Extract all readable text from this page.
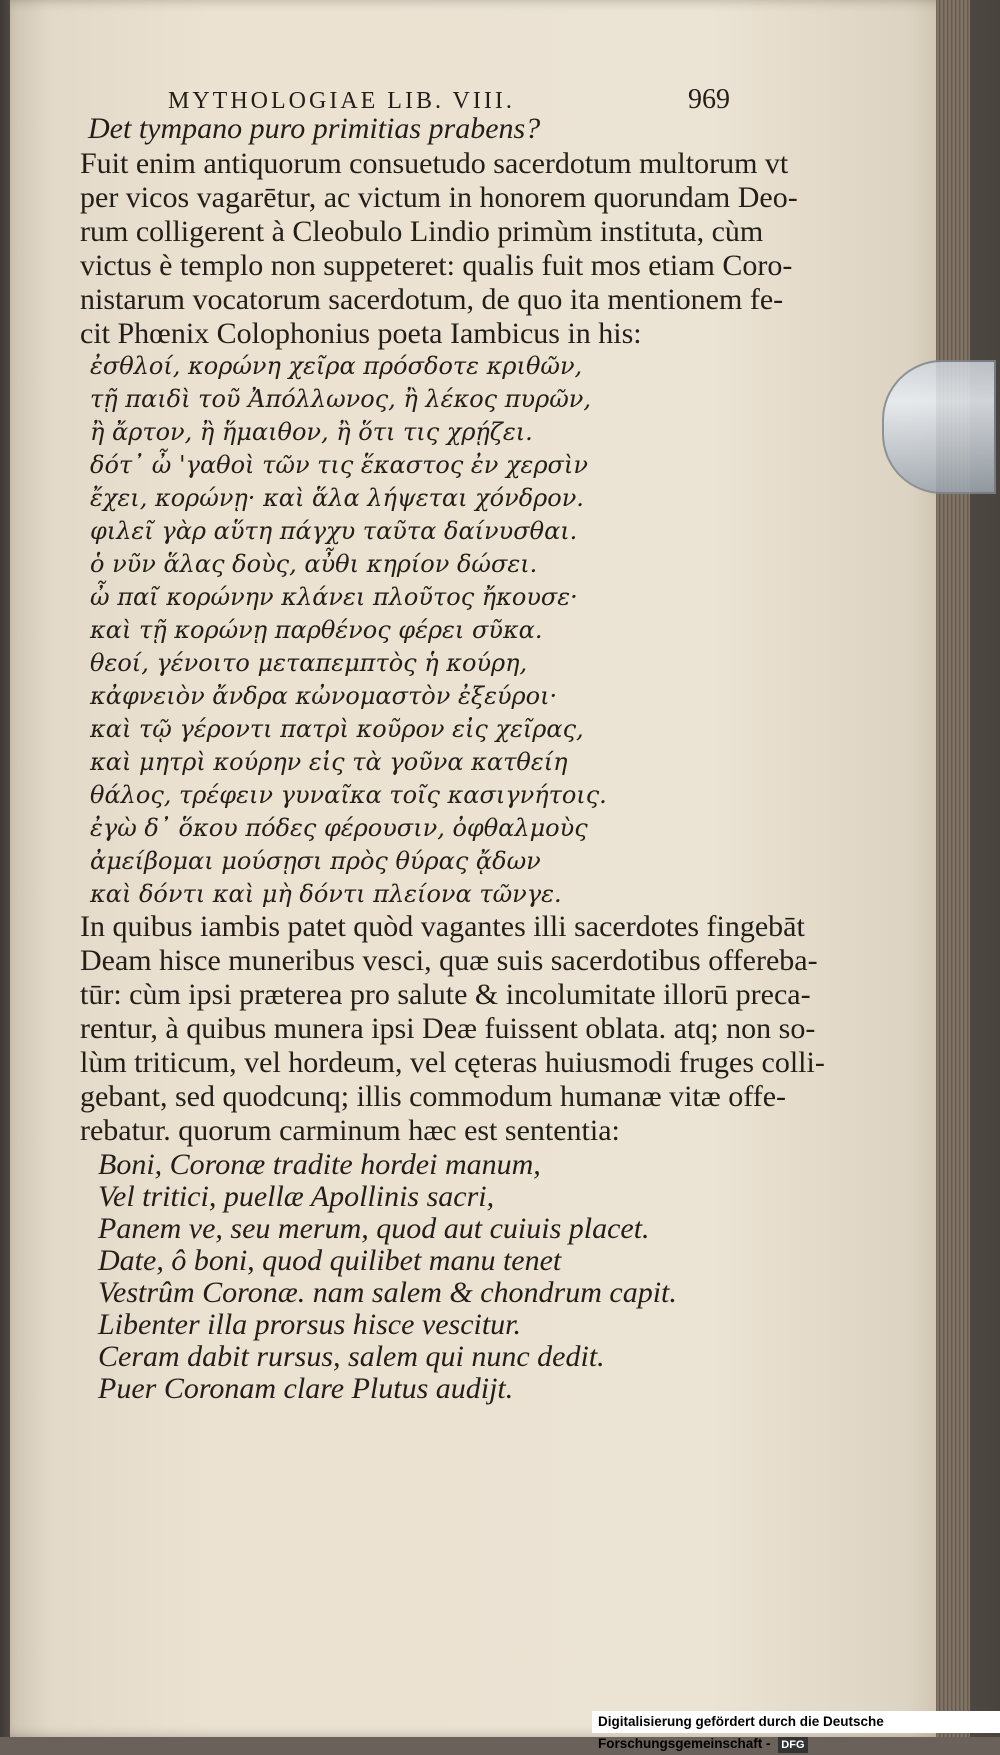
MYTHOLOGIAE LIB. VIII.	969
Det tympano puro primitias prabens?
Fuit enim antiquorum consuetudo sacerdotum multorum vt
per vicos vagarētur, ac victum in honorem quorundam Deo-
rum colligerent à Cleobulo Lindio primùm instituta, cùm
victus è templo non suppeteret: qualis fuit mos etiam Coro-
nistarum vocatorum sacerdotum, de quo ita mentionem fe-
cit Phœnix Colophonius poeta Iambicus in his:
ἐσθλοί, κορώνη χεῖρα πρόσδοτε κριθῶν,
τῇ παιδὶ τοῦ Ἀπόλλωνος, ἢ λέκος πυρῶν,
ἢ ἄρτον, ἢ ἥμαιθον, ἢ ὅτι τις χρῄζει.
δότ᾽ ὦ 'γαθοὶ τῶν τις ἕκαστος ἐν χερσὶν
ἔχει, κορώνῃ· καὶ ἅλα λήψεται χόνδρον.
φιλεῖ γὰρ αὕτη πάγχυ ταῦτα δαίνυσθαι.
ὁ νῦν ἅλας δοὺς, αὖθι κηρίον δώσει.
ὦ παῖ κορώνην κλάνει πλοῦτος ἤκουσε·
καὶ τῇ κορώνῃ παρθένος φέρει σῦκα.
θεοί, γένοιτο μεταπεμπτὸς ἡ κούρη,
κἀφνειὸν ἄνδρα κὠνομαστὸν ἐξεύροι·
καὶ τῷ γέροντι πατρὶ κοῦρον εἰς χεῖρας,
καὶ μητρὶ κούρην εἰς τὰ γοῦνα κατθείη
θάλος, τρέφειν γυναῖκα τοῖς κασιγνήτοις.
ἐγὼ δ᾽ ὅκου πόδες φέρουσιν, ὀφθαλμοὺς
ἀμείβομαι μούσῃσι πρὸς θύρας ᾄδων
καὶ δόντι καὶ μὴ δόντι πλείονα τῶνγε.
In quibus iambis patet quòd vagantes illi sacerdotes fingebāt
Deam hisce muneribus vesci, quæ suis sacerdotibus offereba-
tūr: cùm ipsi præterea pro salute & incolumitate illorū preca-
rentur, à quibus munera ipsi Deæ fuissent oblata. atq; non so-
lùm triticum, vel hordeum, vel cęteras huiusmodi fruges colli-
gebant, sed quodcunq; illis commodum humanæ vitæ offe-
rebatur. quorum carminum hæc est sententia:
Boni, Coronæ tradite hordei manum,
Vel tritici, puellæ Apollinis sacri,
Panem ve, seu merum, quod aut cuiuis placet.
Date, ô boni, quod quilibet manu tenet
Vestrûm Coronæ. nam salem & chondrum capit.
Libenter illa prorsus hisce vescitur.
Ceram dabit rursus, salem qui nunc dedit.
Puer Coronam clare Plutus audijt.
Digitalisierung gefördert durch die Deutsche Forschungsgemeinschaft - DFG
